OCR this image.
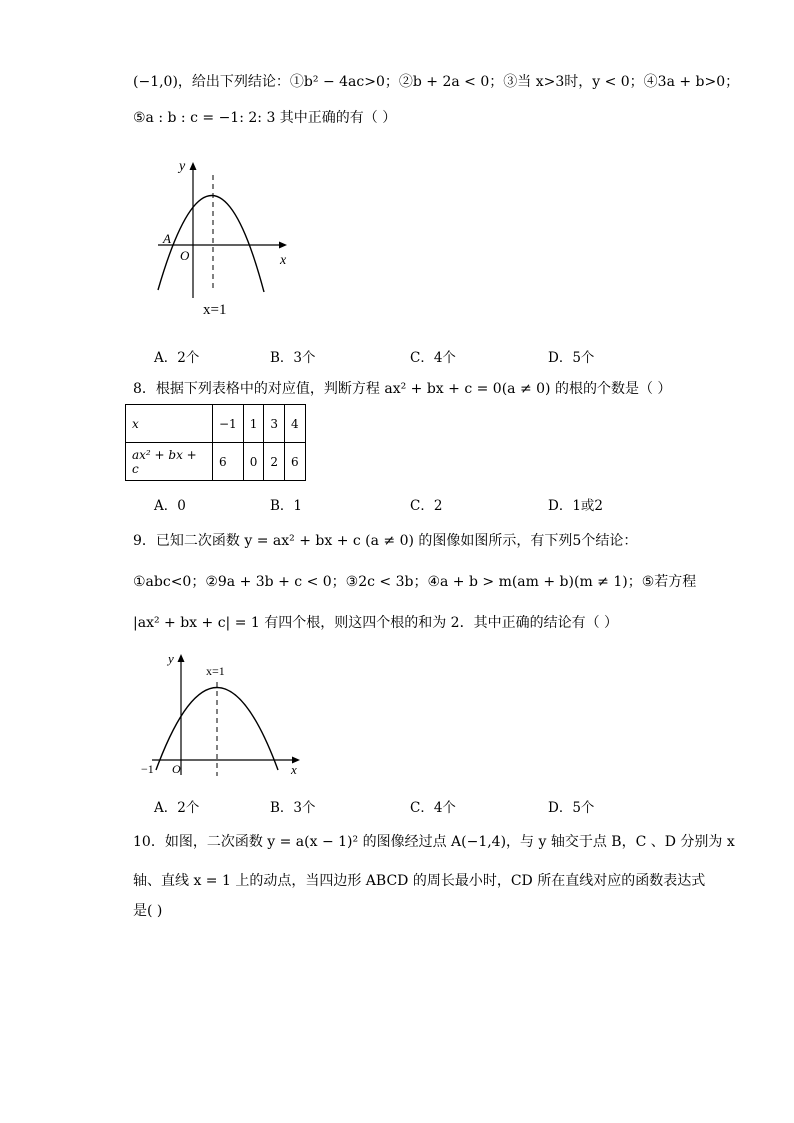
(−1,0)，给出下列结论：①b² − 4ac>0；②b + 2a < 0；③当 x>3时，y < 0；④3a + b>0；
⑤a : b : c = −1: 2: 3 其中正确的有（ ）
y
x
O
A
x=1
A．2个	B．3个	C．4个	D．5个
8．根据下列表格中的对应值，判断方程 ax² + bx + c = 0(a ≠ 0) 的根的个数是（ ）
x	−1	1	3	4
ax² + bx + c	6	0	2	6
A．0	B．1	C．2	D．1或2
9．已知二次函数 y = ax² + bx + c (a ≠ 0) 的图像如图所示，有下列5个结论：
①abc<0；②9a + 3b + c < 0；③2c < 3b；④a + b > m(am + b)(m ≠ 1)；⑤若方程
|ax² + bx + c| = 1 有四个根，则这四个根的和为 2．其中正确的结论有（ ）
y
x
O
−1
x=1
A．2个	B．3个	C．4个	D．5个
10．如图，二次函数 y = a(x − 1)² 的图像经过点 A(−1,4)，与 y 轴交于点 B，C 、D 分别为 x
轴、直线 x = 1 上的动点，当四边形 ABCD 的周长最小时，CD 所在直线对应的函数表达式
是( )
